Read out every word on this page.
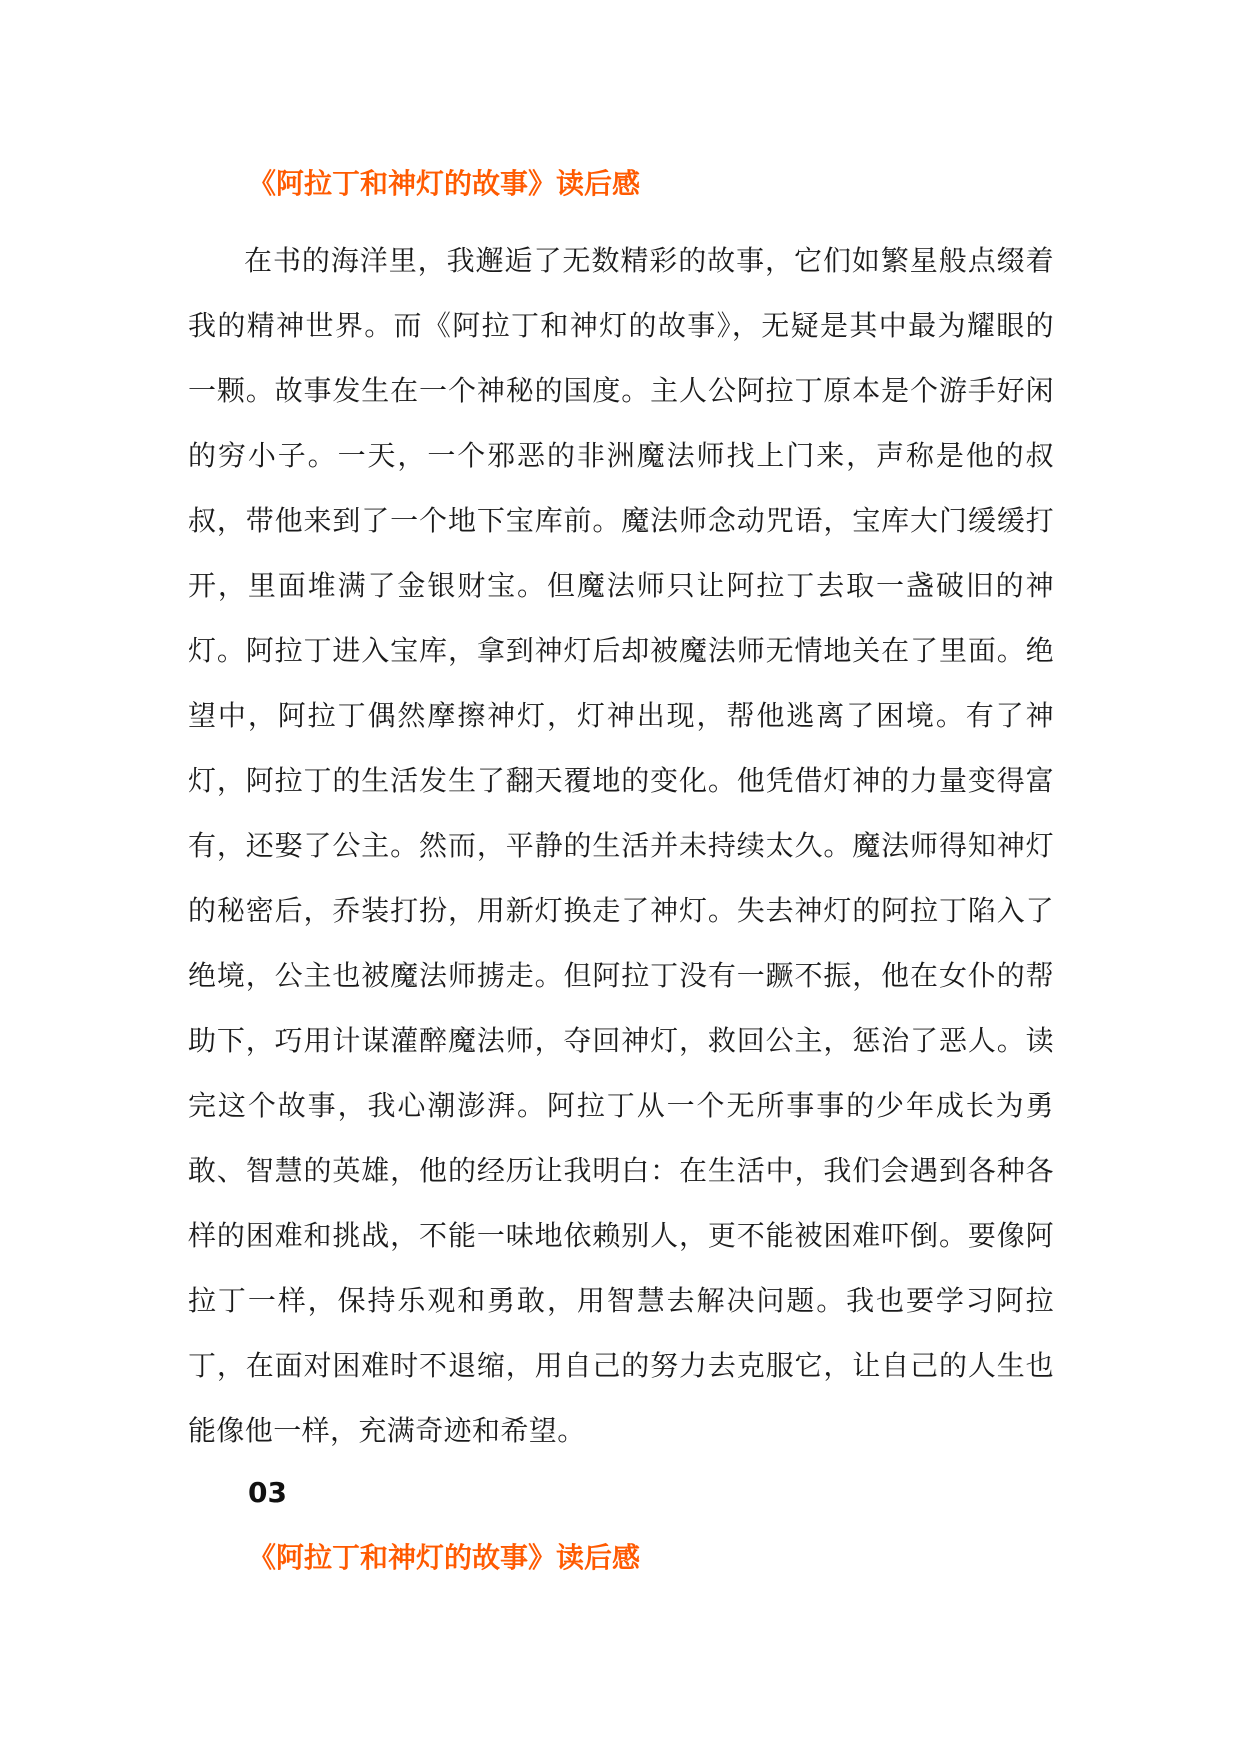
《阿拉丁和神灯的故事》读后感

在书的海洋里，我邂逅了无数精彩的故事，它们如繁星般点缀着我的精神世界。而《阿拉丁和神灯的故事》，无疑是其中最为耀眼的一颗。故事发生在一个神秘的国度。主人公阿拉丁原本是个游手好闲的穷小子。一天，一个邪恶的非洲魔法师找上门来，声称是他的叔叔，带他来到了一个地下宝库前。魔法师念动咒语，宝库大门缓缓打开，里面堆满了金银财宝。但魔法师只让阿拉丁去取一盏破旧的神灯。阿拉丁进入宝库，拿到神灯后却被魔法师无情地关在了里面。绝望中，阿拉丁偶然摩擦神灯，灯神出现，帮他逃离了困境。有了神灯，阿拉丁的生活发生了翻天覆地的变化。他凭借灯神的力量变得富有，还娶了公主。然而，平静的生活并未持续太久。魔法师得知神灯的秘密后，乔装打扮，用新灯换走了神灯。失去神灯的阿拉丁陷入了绝境，公主也被魔法师掳走。但阿拉丁没有一蹶不振，他在女仆的帮助下，巧用计谋灌醉魔法师，夺回神灯，救回公主，惩治了恶人。读完这个故事，我心潮澎湃。阿拉丁从一个无所事事的少年成长为勇敢、智慧的英雄，他的经历让我明白：在生活中，我们会遇到各种各样的困难和挑战，不能一味地依赖别人，更不能被困难吓倒。要像阿拉丁一样，保持乐观和勇敢，用智慧去解决问题。我也要学习阿拉丁，在面对困难时不退缩，用自己的努力去克服它，让自己的人生也能像他一样，充满奇迹和希望。

03
《阿拉丁和神灯的故事》读后感
